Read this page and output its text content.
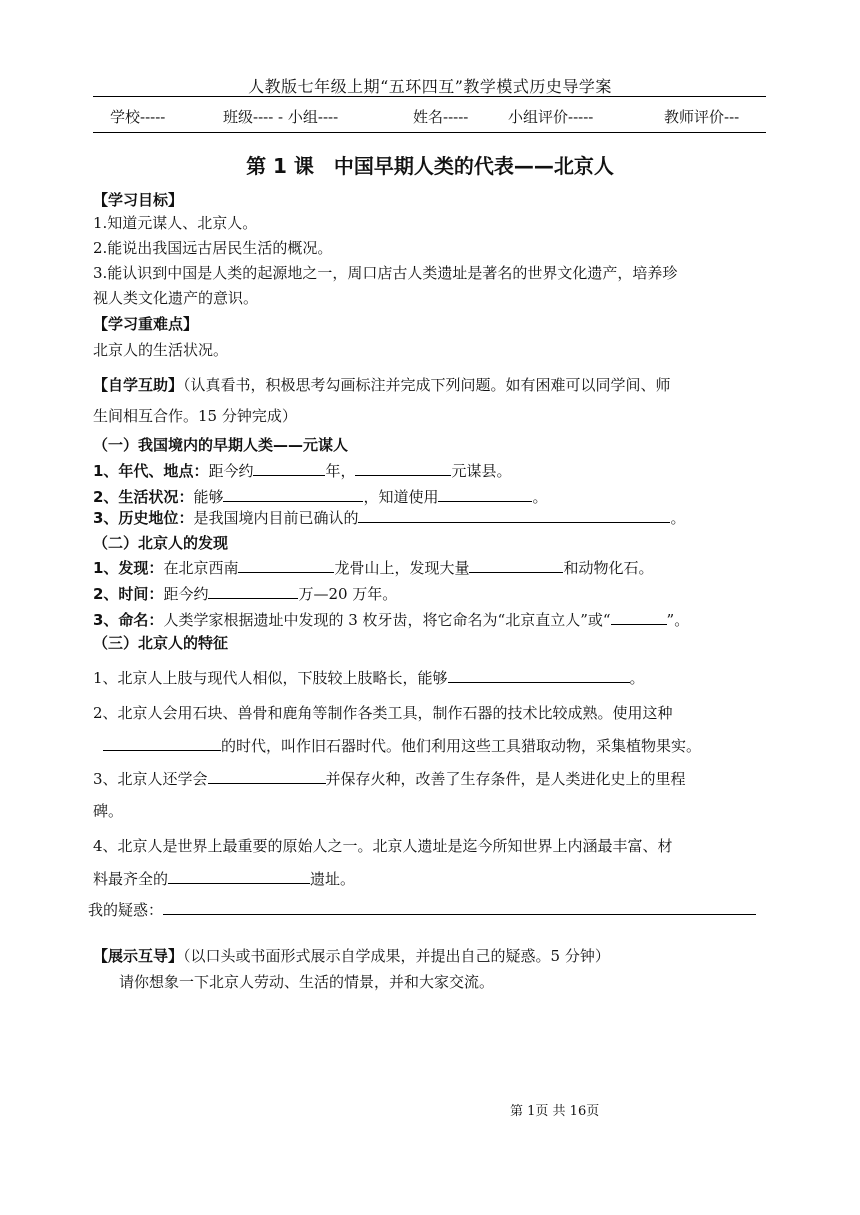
人教版七年级上期“五环四互”教学模式历史导学案
学校-----	班级---- - 小组----	姓名-----	小组评价-----	教师评价---
第 1 课　中国早期人类的代表——北京人
【学习目标】
1.知道元谋人、北京人。
2.能说出我国远古居民生活的概况。
3.能认识到中国是人类的起源地之一，周口店古人类遗址是著名的世界文化遗产，培养珍
视人类文化遗产的意识。
【学习重难点】
北京人的生活状况。
【自学互助】（认真看书，积极思考勾画标注并完成下列问题。如有困难可以同学间、师
生间相互合作。15 分钟完成）
（一）我国境内的早期人类——元谋人
1、年代、地点：距今约	年，	元谋县。
2、生活状况：能够	，知道使用	。
3、历史地位：是我国境内目前已确认的	。
（二）北京人的发现
1、发现：在北京西南	龙骨山上，发现大量	和动物化石。
2、时间：距今约	万—20 万年。
3、命名：人类学家根据遗址中发现的 3 枚牙齿，将它命名为“北京直立人”或“	”。
（三）北京人的特征
1、北京人上肢与现代人相似，下肢较上肢略长，能够	。
2、北京人会用石块、兽骨和鹿角等制作各类工具，制作石器的技术比较成熟。使用这种
的时代，叫作旧石器时代。他们利用这些工具猎取动物，采集植物果实。
3、北京人还学会	并保存火种，改善了生存条件，是人类进化史上的里程
碑。
4、北京人是世界上最重要的原始人之一。北京人遗址是迄今所知世界上内涵最丰富、材
料最齐全的	遗址。
我的疑惑：
【展示互导】（以口头或书面形式展示自学成果，并提出自己的疑惑。5 分钟）
请你想象一下北京人劳动、生活的情景，并和大家交流。
第 1页 共 16页
